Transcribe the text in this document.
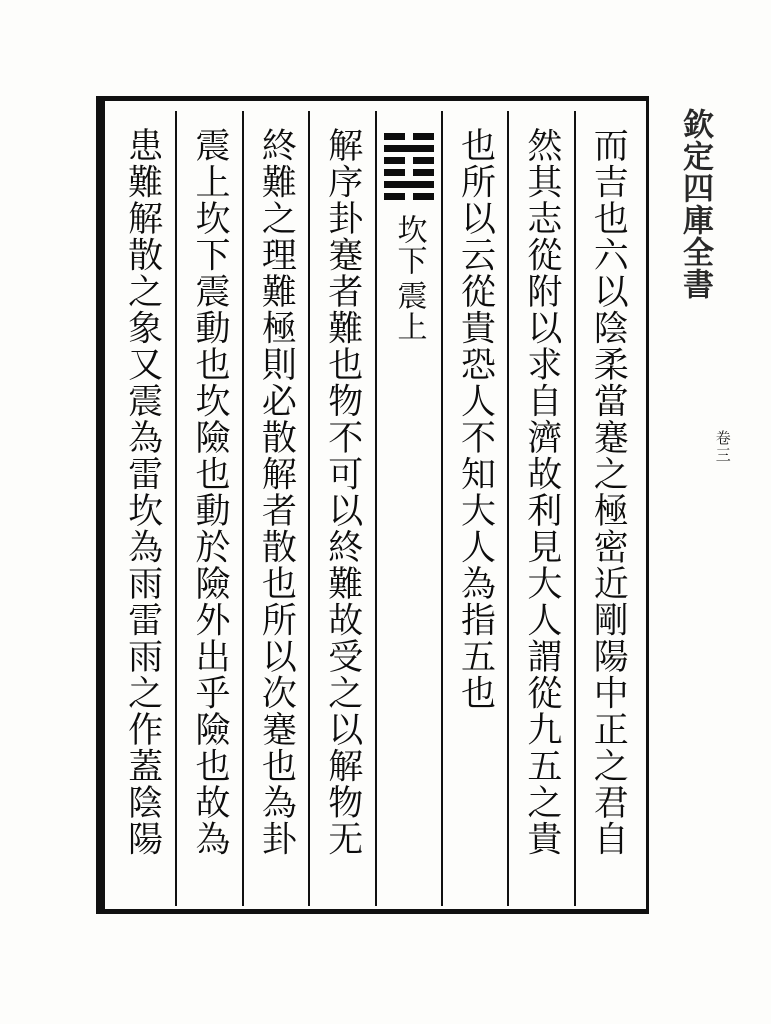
欽定四庫全書
卷三
而吉也六以陰柔當蹇之極密近剛陽中正之君自
然其志從附以求自濟故利見大人謂從九五之貴
也所以云從貴恐人不知大人為指五也
坎下
震上
解序卦蹇者難也物不可以終難故受之以解物无
終難之理難極則必散解者散也所以次蹇也為卦
震上坎下震動也坎險也動於險外出乎險也故為
患難解散之象又震為雷坎為雨雷雨之作蓋陰陽
